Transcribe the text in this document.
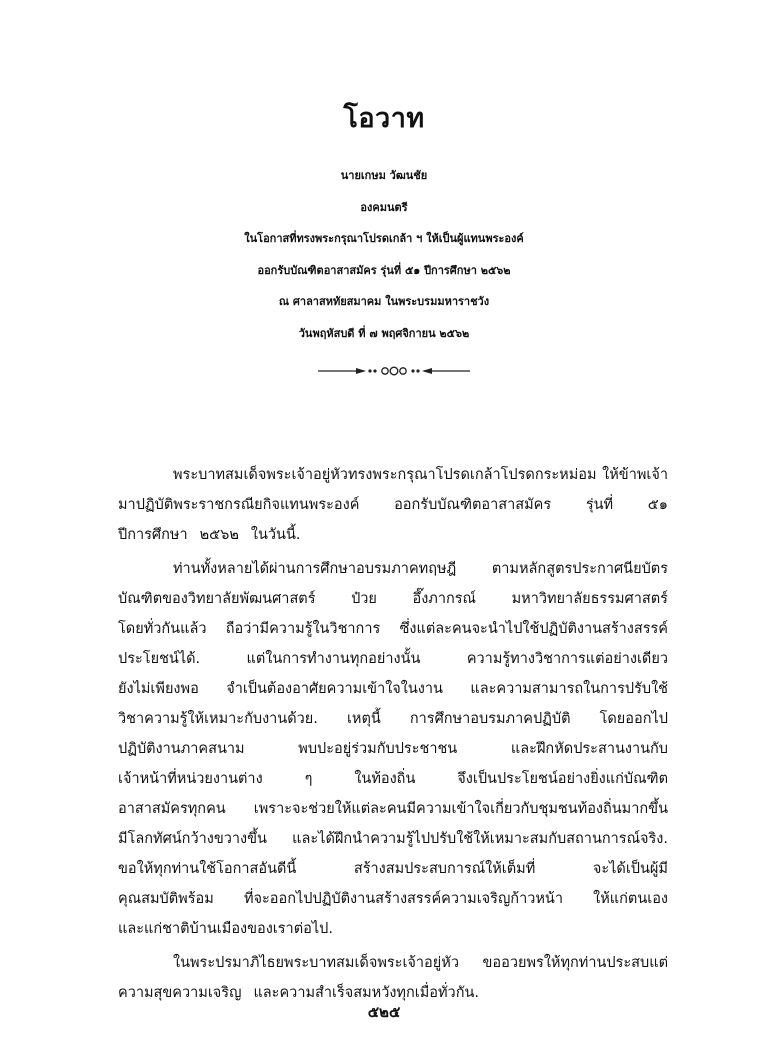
โอวาท
นายเกษม วัฒนชัย
องคมนตรี
ในโอกาสที่ทรงพระกรุณาโปรดเกล้า ฯ ให้เป็นผู้แทนพระองค์
ออกรับบัณฑิตอาสาสมัคร รุ่นที่ ๕๑ ปีการศึกษา ๒๕๖๒
ณ ศาลาสหทัยสมาคม ในพระบรมมหาราชวัง
วันพฤหัสบดี ที่ ๗ พฤศจิกายน ๒๕๖๒
พระบาทสมเด็จพระเจ้าอยู่หัวทรงพระกรุณาโปรดเกล้าโปรดกระหม่อม ให้ข้าพเจ้า
มาปฏิบัติพระราชกรณียกิจแทนพระองค์ ออกรับบัณฑิตอาสาสมัคร รุ่นที่ ๕๑
ปีการศึกษา ๒๕๖๒ ในวันนี้.
ท่านทั้งหลายได้ผ่านการศึกษาอบรมภาคทฤษฎี ตามหลักสูตรประกาศนียบัตร
บัณฑิตของวิทยาลัยพัฒนศาสตร์ ป๋วย อึ๊งภากรณ์ มหาวิทยาลัยธรรมศาสตร์
โดยทั่วกันแล้ว ถือว่ามีความรู้ในวิชาการ ซึ่งแต่ละคนจะนำไปใช้ปฏิบัติงานสร้างสรรค์
ประโยชน์ได้.	แต่ในการทำงานทุกอย่างนั้น	ความรู้ทางวิชาการแต่อย่างเดียว
ยังไม่เพียงพอ จำเป็นต้องอาศัยความเข้าใจในงาน และความสามารถในการปรับใช้
วิชาความรู้ให้เหมาะกับงานด้วย. เหตุนี้ การศึกษาอบรมภาคปฏิบัติ โดยออกไป
ปฏิบัติงานภาคสนาม	พบปะอยู่ร่วมกับประชาชน	และฝึกหัดประสานงานกับ
เจ้าหน้าที่หน่วยงานต่าง	ๆ	ในท้องถิ่น	จึงเป็นประโยชน์อย่างยิ่งแก่บัณฑิต
อาสาสมัครทุกคน เพราะจะช่วยให้แต่ละคนมีความเข้าใจเกี่ยวกับชุมชนท้องถิ่นมากขึ้น
มีโลกทัศน์กว้างขวางขึ้น และได้ฝึกนำความรู้ไปปรับใช้ให้เหมาะสมกับสถานการณ์จริง.
ขอให้ทุกท่านใช้โอกาสอันดีนี้	สร้างสมประสบการณ์ให้เต็มที่	จะได้เป็นผู้มี
คุณสมบัติพร้อม ที่จะออกไปปฏิบัติงานสร้างสรรค์ความเจริญก้าวหน้า ให้แก่ตนเอง
และแก่ชาติบ้านเมืองของเราต่อไป.
ในพระปรมาภิไธยพระบาทสมเด็จพระเจ้าอยู่หัว ขออวยพรให้ทุกท่านประสบแต่
ความสุขความเจริญ และความสำเร็จสมหวังทุกเมื่อทั่วกัน.
๕๒๕
